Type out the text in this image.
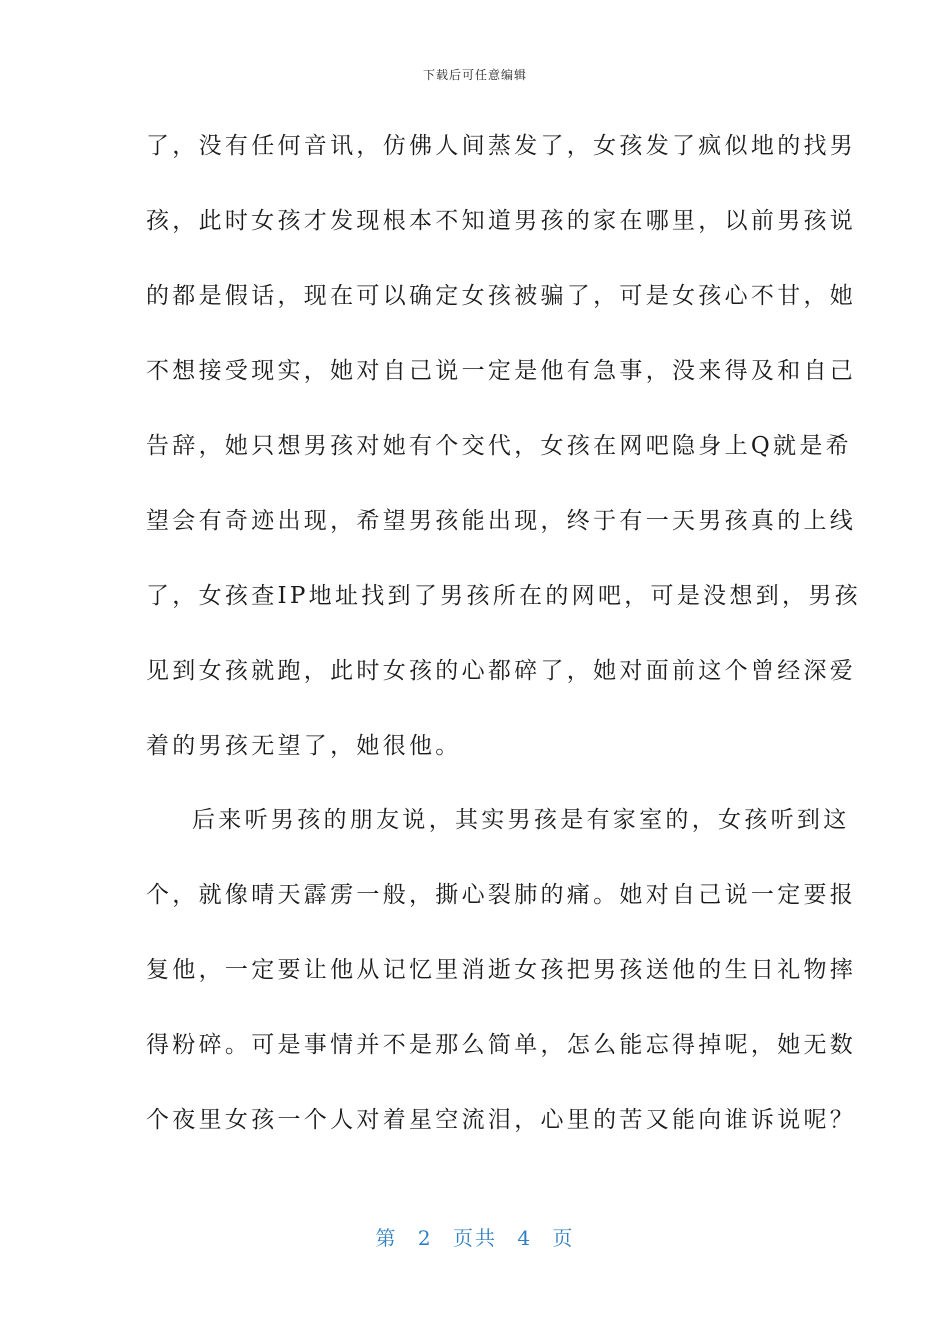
下载后可任意编辑
了，没有任何音讯，仿佛人间蒸发了，女孩发了疯似地的找男
孩，此时女孩才发现根本不知道男孩的家在哪里，以前男孩说
的都是假话，现在可以确定女孩被骗了，可是女孩心不甘，她
不想接受现实，她对自己说一定是他有急事，没来得及和自己
告辞，她只想男孩对她有个交代，女孩在网吧隐身上Q就是希
望会有奇迹出现，希望男孩能出现，终于有一天男孩真的上线
了，女孩查IP地址找到了男孩所在的网吧，可是没想到，男孩
见到女孩就跑，此时女孩的心都碎了，她对面前这个曾经深爱
着的男孩无望了，她很他。
后来听男孩的朋友说，其实男孩是有家室的，女孩听到这
个，就像晴天霹雳一般，撕心裂肺的痛。她对自己说一定要报
复他，一定要让他从记忆里消逝女孩把男孩送他的生日礼物摔
得粉碎。可是事情并不是那么简单，怎么能忘得掉呢，她无数
个夜里女孩一个人对着星空流泪，心里的苦又能向谁诉说呢？
第 2 页共 4 页
